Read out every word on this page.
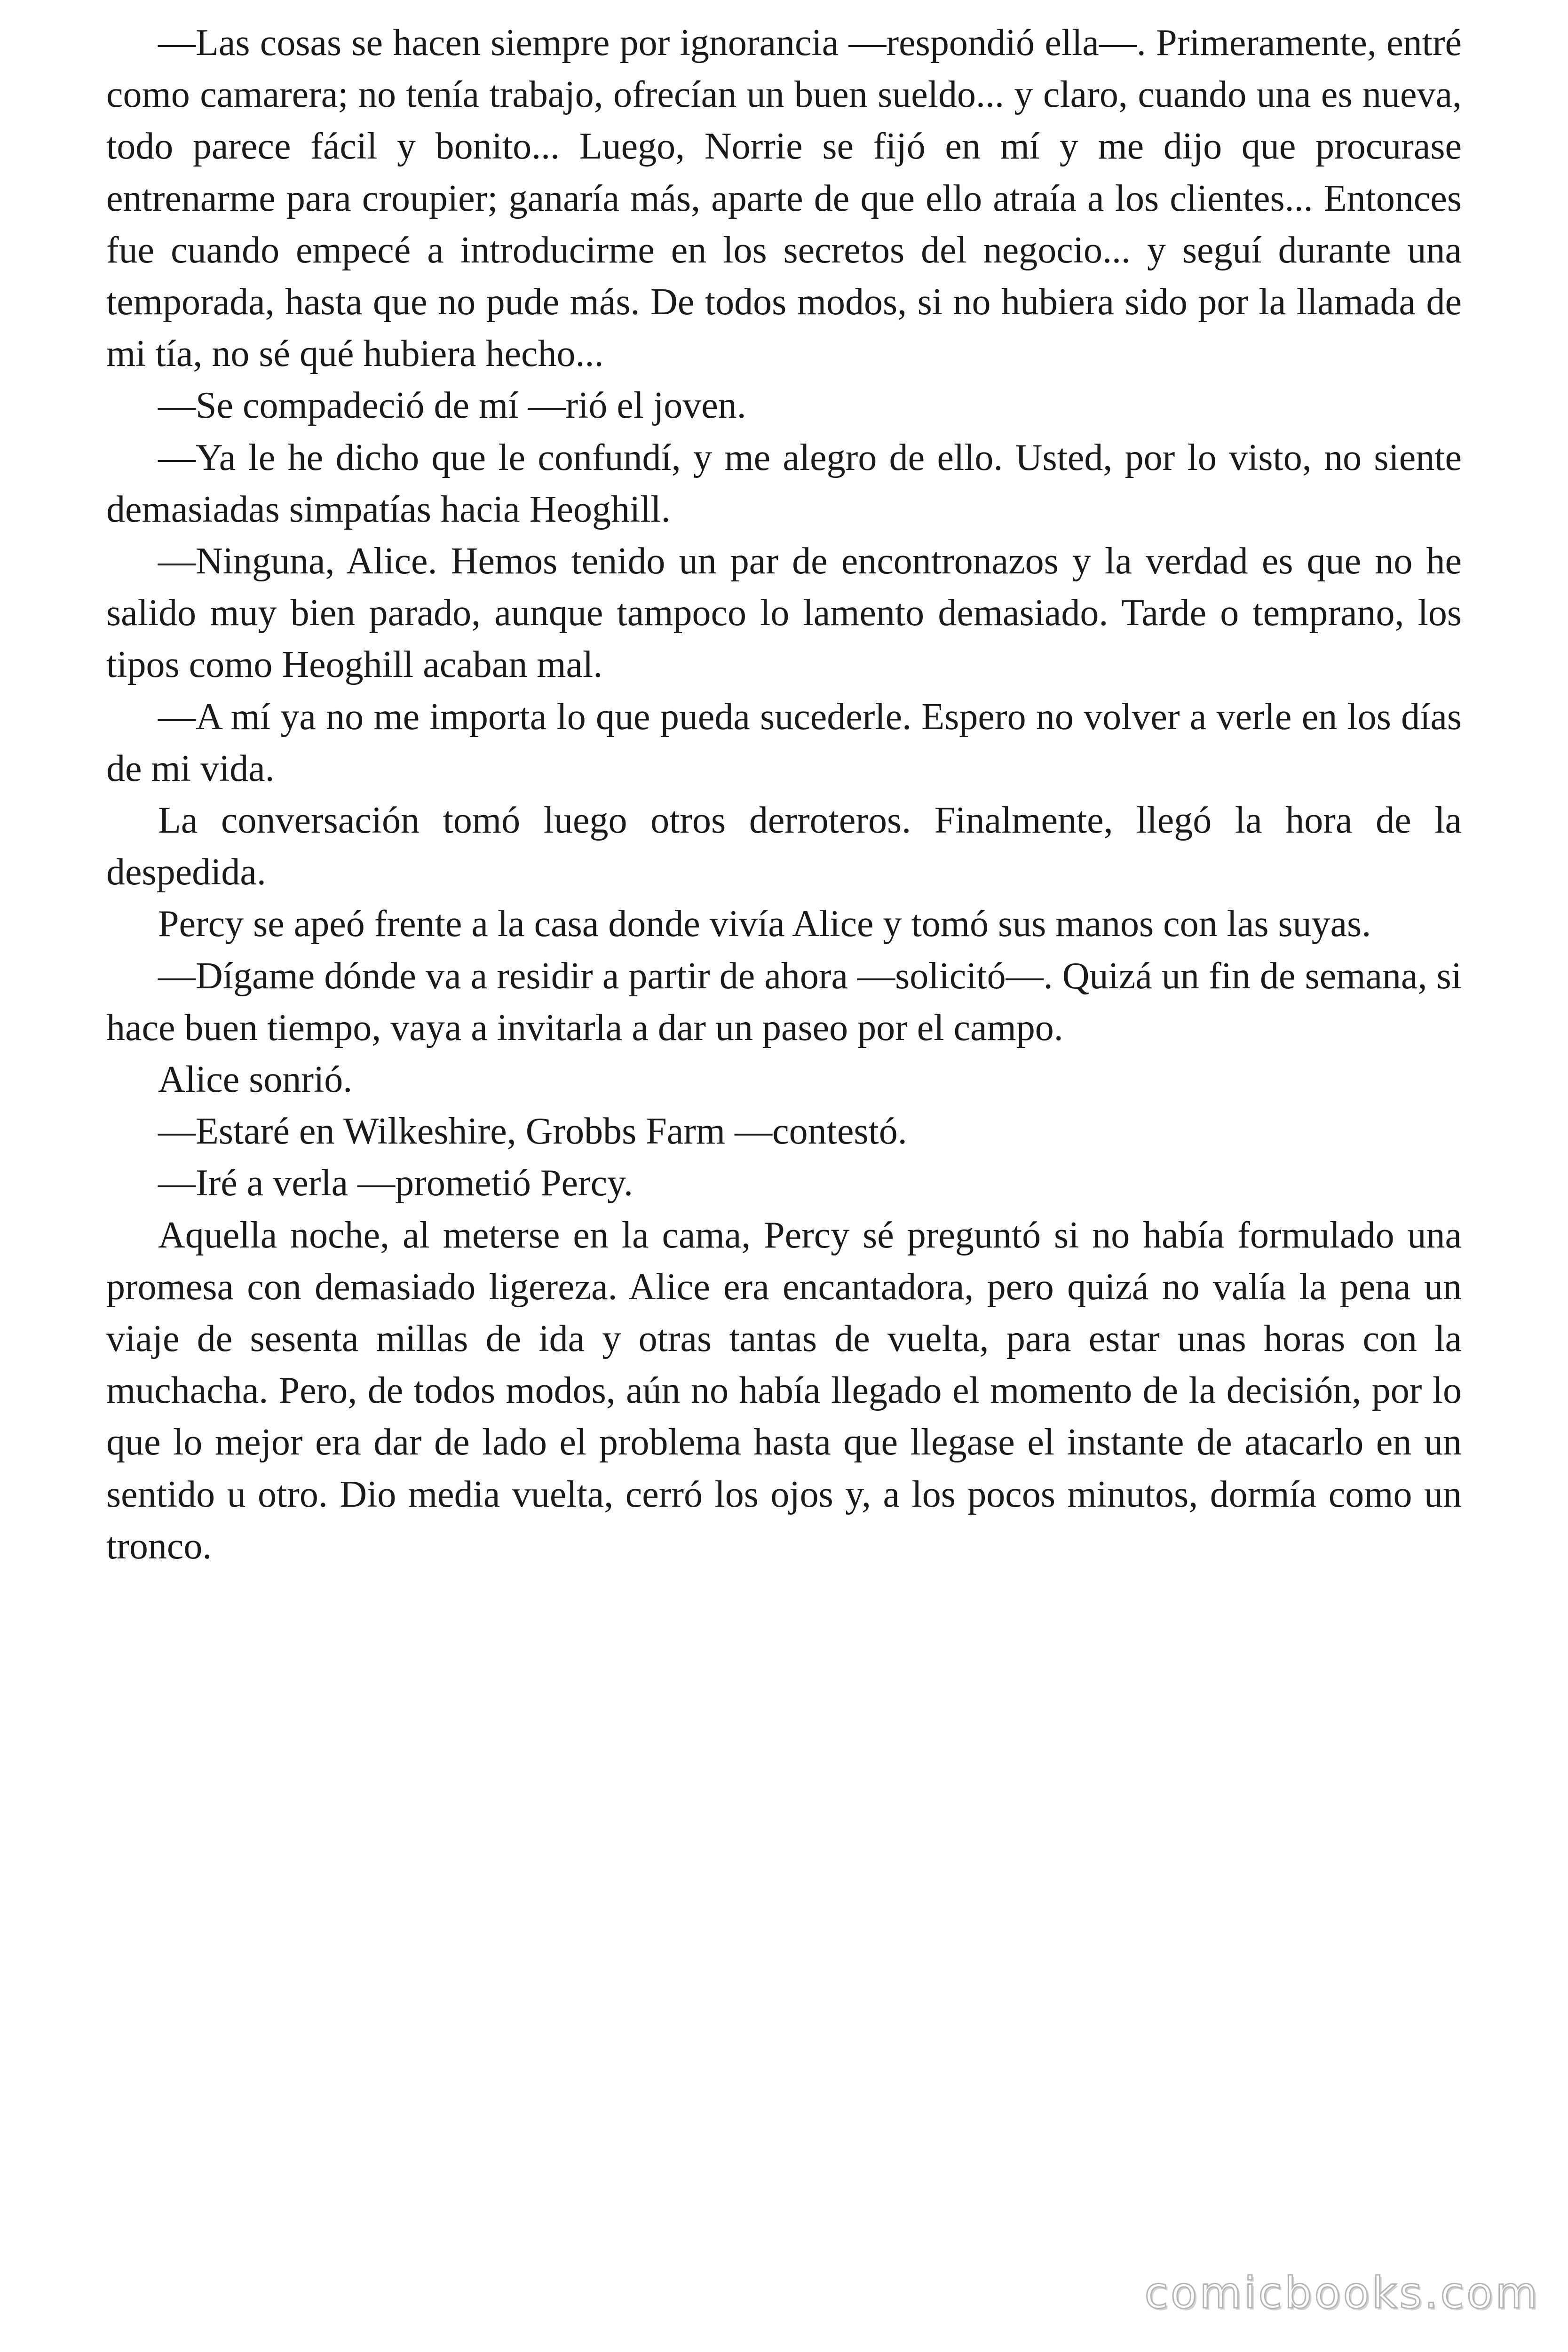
—Las cosas se hacen siempre por ignorancia —respondió ella—. Primeramente, entré como camarera; no tenía trabajo, ofrecían un buen sueldo... y claro, cuando una es nueva, todo parece fácil y bonito... Luego, Norrie se fijó en mí y me dijo que procurase entrenarme para croupier; ganaría más, aparte de que ello atraía a los clientes... Entonces fue cuando empecé a introducirme en los secretos del negocio... y seguí durante una temporada, hasta que no pude más. De todos modos, si no hubiera sido por la llamada de mi tía, no sé qué hubiera hecho...

—Se compadeció de mí —rió el joven.

—Ya le he dicho que le confundí, y me alegro de ello. Usted, por lo visto, no siente demasiadas simpatías hacia Heoghill.

—Ninguna, Alice. Hemos tenido un par de encontronazos y la verdad es que no he salido muy bien parado, aunque tampoco lo lamento demasiado. Tarde o temprano, los tipos como Heoghill acaban mal.

—A mí ya no me importa lo que pueda sucederle. Espero no volver a verle en los días de mi vida.

La conversación tomó luego otros derroteros. Finalmente, llegó la hora de la despedida.

Percy se apeó frente a la casa donde vivía Alice y tomó sus manos con las suyas.

—Dígame dónde va a residir a partir de ahora —solicitó—. Quizá un fin de semana, si hace buen tiempo, vaya a invitarla a dar un paseo por el campo.

Alice sonrió.

—Estaré en Wilkeshire, Grobbs Farm —contestó.

—Iré a verla —prometió Percy.

Aquella noche, al meterse en la cama, Percy sé preguntó si no había formulado una promesa con demasiado ligereza. Alice era encantadora, pero quizá no valía la pena un viaje de sesenta millas de ida y otras tantas de vuelta, para estar unas horas con la muchacha. Pero, de todos modos, aún no había llegado el momento de la decisión, por lo que lo mejor era dar de lado el problema hasta que llegase el instante de atacarlo en un sentido u otro. Dio media vuelta, cerró los ojos y, a los pocos minutos, dormía como un tronco.

comicbooks.com
